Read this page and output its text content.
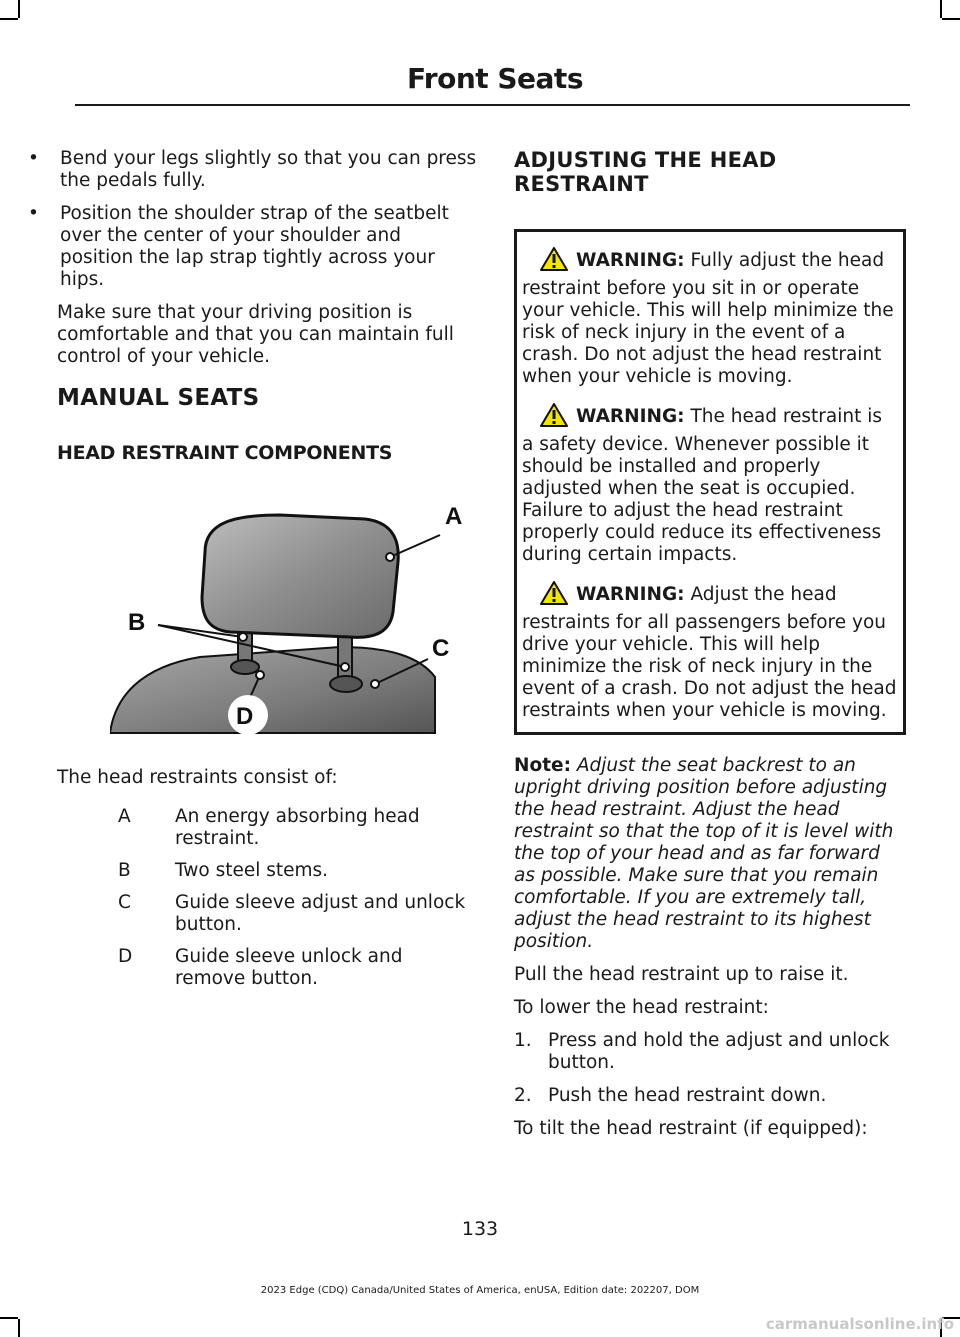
Front Seats
• Bend your legs slightly so that you can press the pedals fully.
• Position the shoulder strap of the seatbelt over the center of your shoulder and position the lap strap tightly across your hips.

Make sure that your driving position is comfortable and that you can maintain full control of your vehicle.

MANUAL SEATS
HEAD RESTRAINT COMPONENTS
A
B
C
D

The head restraints consist of:

A	An energy absorbing head restraint.
B	Two steel stems.
C	Guide sleeve adjust and unlock button.
D	Guide sleeve unlock and remove button.
ADJUSTING THE HEAD RESTRAINT
WARNING: Fully adjust the head restraint before you sit in or operate your vehicle. This will help minimize the risk of neck injury in the event of a crash. Do not adjust the head restraint when your vehicle is moving.
WARNING: The head restraint is a safety device. Whenever possible it should be installed and properly adjusted when the seat is occupied. Failure to adjust the head restraint properly could reduce its effectiveness during certain impacts.
WARNING: Adjust the head restraints for all passengers before you drive your vehicle. This will help minimize the risk of neck injury in the event of a crash. Do not adjust the head restraints when your vehicle is moving.

Note: Adjust the seat backrest to an upright driving position before adjusting the head restraint. Adjust the head restraint so that the top of it is level with the top of your head and as far forward as possible. Make sure that you remain comfortable. If you are extremely tall, adjust the head restraint to its highest position.

Pull the head restraint up to raise it.

To lower the head restraint:

1. Press and hold the adjust and unlock button.
2. Push the head restraint down.

To tilt the head restraint (if equipped):

133
2023 Edge (CDQ) Canada/United States of America, enUSA, Edition date: 202207, DOM
carmanualsonline.info
